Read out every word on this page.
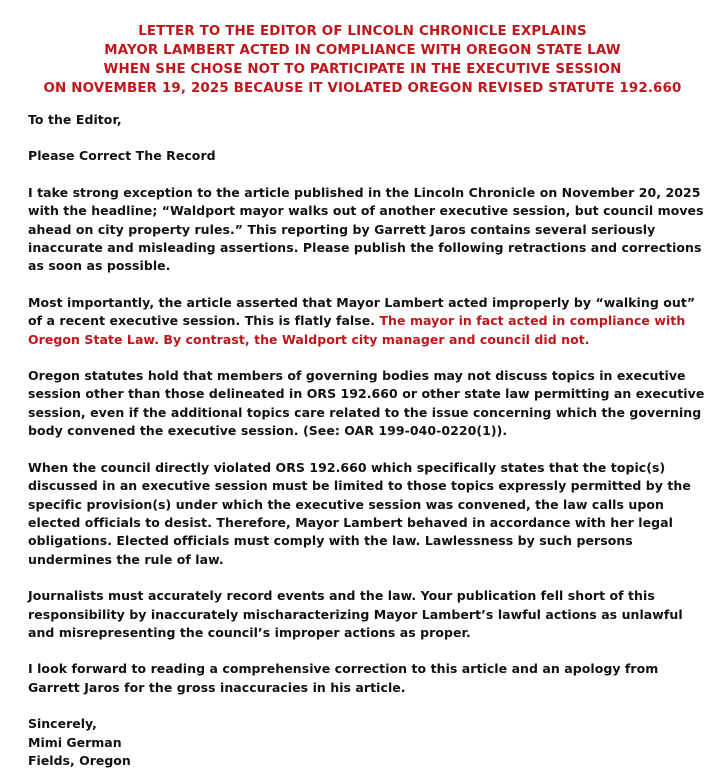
LETTER TO THE EDITOR OF LINCOLN CHRONICLE EXPLAINS
MAYOR LAMBERT ACTED IN COMPLIANCE WITH OREGON STATE LAW
WHEN SHE CHOSE NOT TO PARTICIPATE IN THE EXECUTIVE SESSION
ON NOVEMBER 19, 2025 BECAUSE IT VIOLATED OREGON REVISED STATUTE 192.660

To the Editor,

Please Correct The Record

I take strong exception to the article published in the Lincoln Chronicle on November 20, 2025 with the headline; “Waldport mayor walks out of another executive session, but council moves ahead on city property rules.” This reporting by Garrett Jaros contains several seriously inaccurate and misleading assertions. Please publish the following retractions and corrections as soon as possible.

Most importantly, the article asserted that Mayor Lambert acted improperly by “walking out” of a recent executive session. This is flatly false. The mayor in fact acted in compliance with Oregon State Law. By contrast, the Waldport city manager and council did not.

Oregon statutes hold that members of governing bodies may not discuss topics in executive session other than those delineated in ORS 192.660 or other state law permitting an executive session, even if the additional topics care related to the issue concerning which the governing body convened the executive session. (See: OAR 199-040-0220(1)).

When the council directly violated ORS 192.660 which specifically states that the topic(s) discussed in an executive session must be limited to those topics expressly permitted by the specific provision(s) under which the executive session was convened, the law calls upon elected officials to desist. Therefore, Mayor Lambert behaved in accordance with her legal obligations. Elected officials must comply with the law. Lawlessness by such persons undermines the rule of law.

Journalists must accurately record events and the law. Your publication fell short of this responsibility by inaccurately mischaracterizing Mayor Lambert’s lawful actions as unlawful and misrepresenting the council’s improper actions as proper.

I look forward to reading a comprehensive correction to this article and an apology from Garrett Jaros for the gross inaccuracies in his article.

Sincerely,
Mimi German
Fields, Oregon
